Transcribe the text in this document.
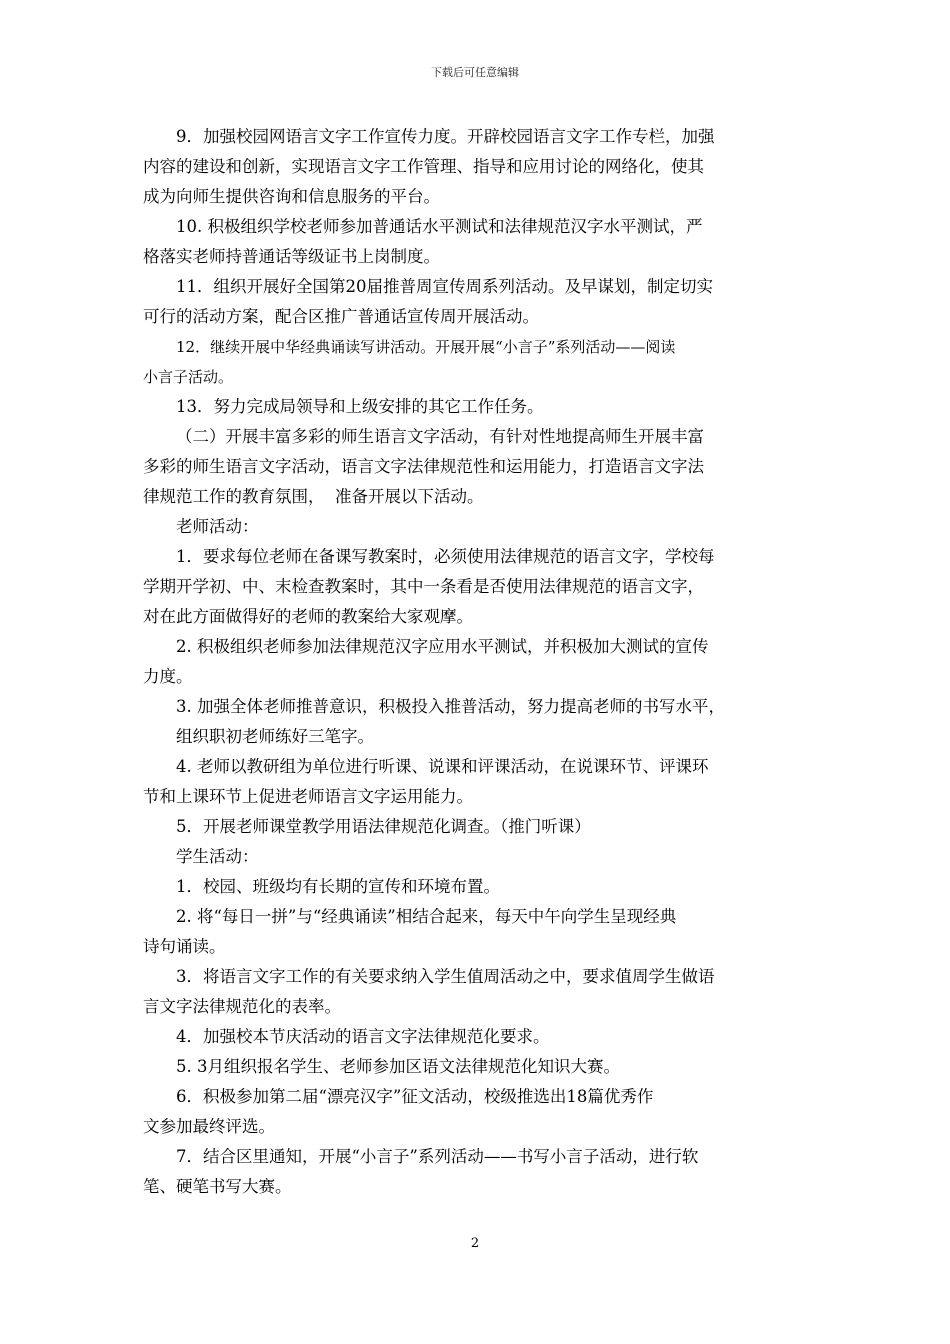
下载后可任意编辑
9．加强校园网语言文字工作宣传力度。开辟校园语言文字工作专栏，加强
内容的建设和创新，实现语言文字工作管理、指导和应用讨论的网络化，使其
成为向师生提供咨询和信息服务的平台。
10. 积极组织学校老师参加普通话水平测试和法律规范汉字水平测试，严
格落实老师持普通话等级证书上岗制度。
11．组织开展好全国第20届推普周宣传周系列活动。及早谋划，制定切实
可行的活动方案，配合区推广普通话宣传周开展活动。
12．继续开展中华经典诵读写讲活动。开展开展“小言子”系列活动——阅读
小言子活动。
13．努力完成局领导和上级安排的其它工作任务。
（二）开展丰富多彩的师生语言文字活动，有针对性地提高师生开展丰富
多彩的师生语言文字活动，语言文字法律规范性和运用能力，打造语言文字法
律规范工作的教育氛围，  准备开展以下活动。
老师活动：
1．要求每位老师在备课写教案时，必须使用法律规范的语言文字，学校每
学期开学初、中、末检查教案时，其中一条看是否使用法律规范的语言文字，
对在此方面做得好的老师的教案给大家观摩。
2. 积极组织老师参加法律规范汉字应用水平测试，并积极加大测试的宣传
力度。
3. 加强全体老师推普意识，积极投入推普活动，努力提高老师的书写水平，
组织职初老师练好三笔字。
4. 老师以教研组为单位进行听课、说课和评课活动，在说课环节、评课环
节和上课环节上促进老师语言文字运用能力。
5．开展老师课堂教学用语法律规范化调查。（推门听课）
学生活动：
1．校园、班级均有长期的宣传和环境布置。
2. 将“每日一拼”与“经典诵读”相结合起来，每天中午向学生呈现经典
诗句诵读。
3．将语言文字工作的有关要求纳入学生值周活动之中，要求值周学生做语
言文字法律规范化的表率。
4．加强校本节庆活动的语言文字法律规范化要求。
5. 3月组织报名学生、老师参加区语文法律规范化知识大赛。
6．积极参加第二届“漂亮汉字”征文活动，校级推选出18篇优秀作
文参加最终评选。
7．结合区里通知，开展“小言子”系列活动——书写小言子活动，进行软
笔、硬笔书写大赛。
2
